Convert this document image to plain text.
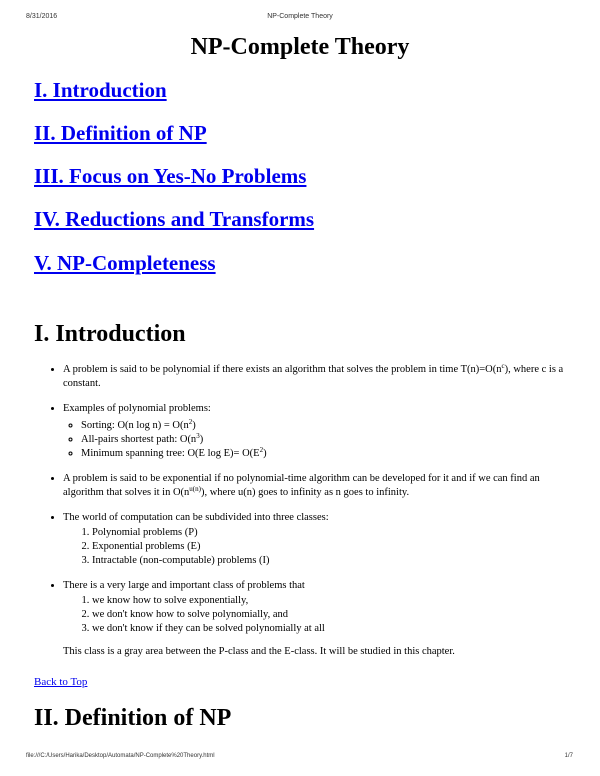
8/31/2016	NP-Complete Theory
NP-Complete Theory
I. Introduction
II. Definition of NP
III. Focus on Yes-No Problems
IV. Reductions and Transforms
V. NP-Completeness
I. Introduction
• A problem is said to be polynomial if there exists an algorithm that solves the problem in time $T(n)=O(n^c)$, where c is a constant.
• Examples of polynomial problems:
◦ Sorting: O(n $\log n) = O(n^2)$
◦ All-pairs shortest path: $O(n^3)$
◦ Minimum spanning tree: O(E $\log E)= O(E^2)$
• A problem is said to be exponential if no polynomial-time algorithm can be developed for it and if we can find an algorithm that solves it in $O(n^{u(n)})$, where u(n) goes to infinity as n goes to infinity.
• The world of computation can be subdivided into three classes:
1. Polynomial problems (P)
2. Exponential problems (E)
3. Intractable (non-computable) problems (I)
• There is a very large and important class of problems that
1. we know how to solve exponentially,
2. we don't know how to solve polynomially, and
3. we don't know if they can be solved polynomially at all
This class is a gray area between the P-class and the E-class. It will be studied in this chapter.
Back to Top
II. Definition of NP
file:///C:/Users/Harika/Desktop/Automata/NP-Complete%20Theory.html	1/7
